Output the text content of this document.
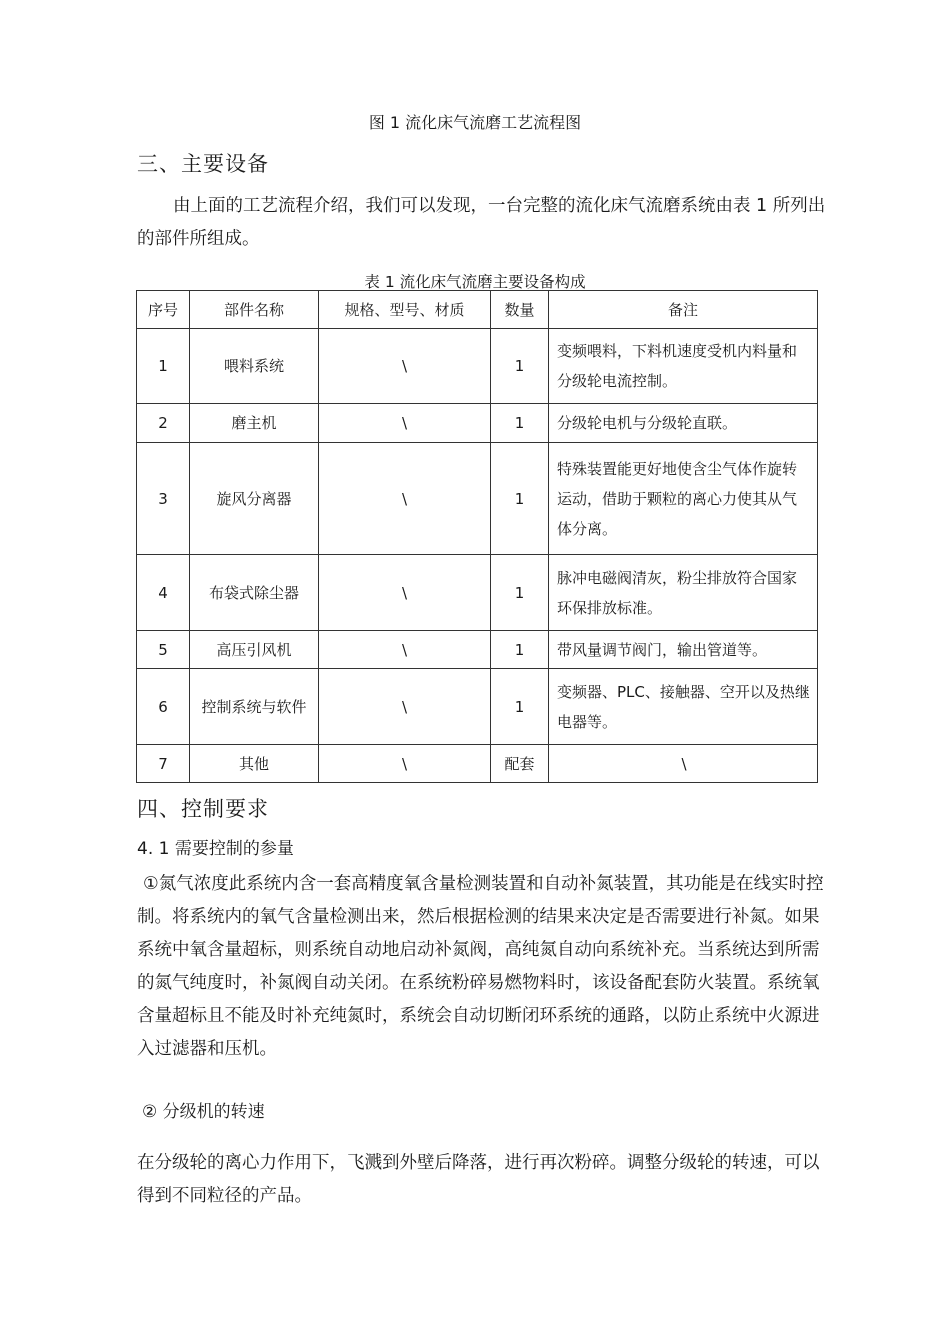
图 1 流化床气流磨工艺流程图
三、主要设备
由上面的工艺流程介绍，我们可以发现，一台完整的流化床气流磨系统由表 1 所列出的部件所组成。
表 1 流化床气流磨主要设备构成
序号	部件名称	规格、型号、材质	数量	备注
1	喂料系统	\	1	变频喂料，下料机速度受机内料量和分级轮电流控制。
2	磨主机	\	1	分级轮电机与分级轮直联。
3	旋风分离器	\	1	特殊装置能更好地使含尘气体作旋转运动，借助于颗粒的离心力使其从气体分离。
4	布袋式除尘器	\	1	脉冲电磁阀清灰，粉尘排放符合国家环保排放标准。
5	高压引风机	\	1	带风量调节阀门，输出管道等。
6	控制系统与软件	\	1	变频器、PLC、接触器、空开以及热继电器等。
7	其他	\	配套	\
四、控制要求
4. 1 需要控制的参量
①氮气浓度此系统内含一套高精度氧含量检测装置和自动补氮装置，其功能是在线实时控制。将系统内的氧气含量检测出来，然后根据检测的结果来决定是否需要进行补氮。如果系统中氧含量超标，则系统自动地启动补氮阀，高纯氮自动向系统补充。当系统达到所需的氮气纯度时，补氮阀自动关闭。在系统粉碎易燃物料时，该设备配套防火装置。系统氧含量超标且不能及时补充纯氮时，系统会自动切断闭环系统的通路，以防止系统中火源进入过滤器和压机。
② 分级机的转速
在分级轮的离心力作用下，飞溅到外壁后降落，进行再次粉碎。调整分级轮的转速，可以得到不同粒径的产品。
